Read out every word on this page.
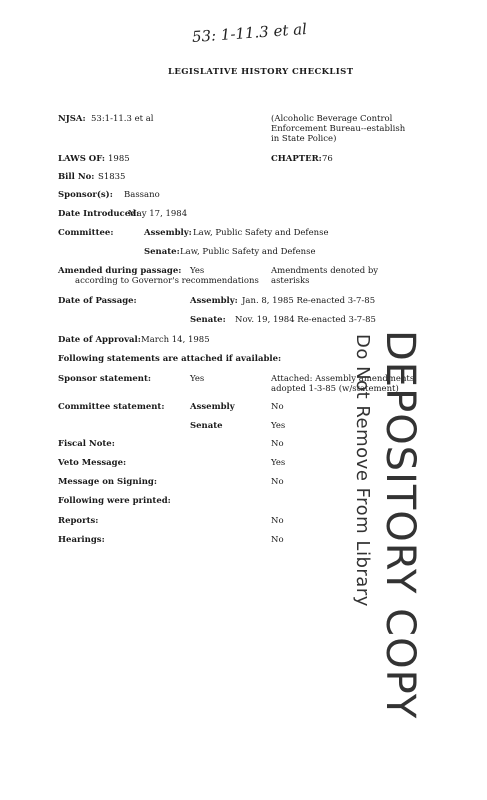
53: 1-11.3 et al
LEGISLATIVE HISTORY CHECKLIST
NJSA: 53:1-11.3 et al	(Alcoholic Beverage Control
Enforcement Bureau--establish
in State Police)
LAWS OF: 1985	CHAPTER: 76
Bill No: S1835
Sponsor(s): Bassano
Date Introduced:
May 17, 1984
Committee:	Assembly: Law, Public Safety and Defense
Senate: Law, Public Safety and Defense
Amended during passage: Yes	Amendments denoted by
according to Governor's recommendations asterisks
Date of Passage:	Assembly: Jan. 8, 1985 Re-enacted 3-7-85
Senate: Nov. 19, 1984 Re-enacted 3-7-85
Date of Approval: March 14, 1985
Following statements are attached if available:
Sponsor statement:	Yes	Attached: Assembly amendments,
adopted 1-3-85 (w/statement)
Committee statement:	Assembly	No
Senate	Yes
Fiscal Note:	No
Veto Message:	Yes
Message on Signing:	No
Following were printed:
Reports:	No
Hearings:	No DEPOSITORY COPY
Do Not Remove From Library
